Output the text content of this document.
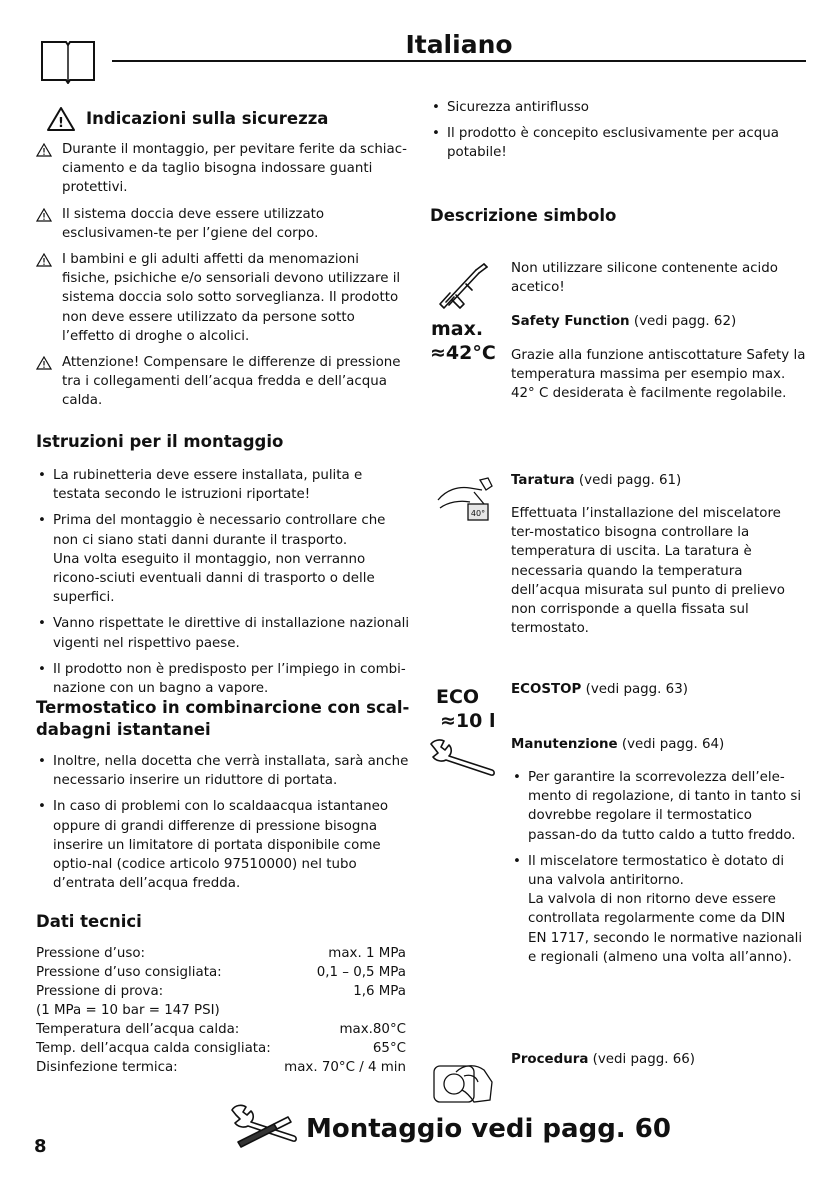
Italiano
! Indicazioni sulla sicurezza
Durante il montaggio, per pevitare ferite da schiac-ciamento e da taglio bisogna indossare guanti protettivi.
Il sistema doccia deve essere utilizzato esclusivamen-te per l’giene del corpo.
I bambini e gli adulti affetti da menomazioni fisiche, psichiche e/o sensoriali devono utilizzare il sistema doccia solo sotto sorveglianza. Il prodotto non deve essere utilizzato da persone sotto l’effetto di droghe o alcolici.
Attenzione! Compensare le differenze di pressione tra i collegamenti dell’acqua fredda e dell’acqua calda.
Istruzioni per il montaggio
• La rubinetteria deve essere installata, pulita e testata secondo le istruzioni riportate!
• Prima del montaggio è necessario controllare che non ci siano stati danni durante il trasporto.
Una volta eseguito il montaggio, non verranno ricono-sciuti eventuali danni di trasporto o delle superfici.
• Vanno rispettate le direttive di installazione nazionali vigenti nel rispettivo paese.
• Il prodotto non è predisposto per l’impiego in combi-nazione con un bagno a vapore.
Termostatico in combinarcione con scal-dabagni istantanei
• Inoltre, nella docetta che verrà installata, sarà anche necessario inserire un riduttore di portata.
• In caso di problemi con lo scaldaacqua istantaneo oppure di grandi differenze di pressione bisogna inserire un limitatore di portata disponibile come optio-nal (codice articolo 97510000) nel tubo d’entrata dell’acqua fredda.
Dati tecnici
Pressione d’uso:	max. 1 MPa
Pressione d’uso consigliata:	0,1 – 0,5 MPa
Pressione di prova:	1,6 MPa
(1 MPa = 10 bar = 147 PSI)	
Temperatura dell’acqua calda:	max.80°C
Temp. dell’acqua calda consigliata:	65°C
Disinfezione termica:	max. 70°C / 4 min
• Sicurezza antiriflusso
• Il prodotto è concepito esclusivamente per acqua potabile!
Descrizione simbolo
Non utilizzare silicone contenente acido acetico!
max.
≈42°C
Safety Function (vedi pagg. 62)
Grazie alla funzione antiscottature Safety la temperatura massima per esempio max. 42° C desiderata è facilmente regolabile.
40°
Taratura (vedi pagg. 61)
Effettuata l’installazione del miscelatore ter-mostatico bisogna controllare la temperatura di uscita. La taratura è necessaria quando la temperatura dell’acqua misurata sul punto di prelievo non corrisponde a quella fissata sul termostato.
ECO
≈10 l
ECOSTOP (vedi pagg. 63)
Manutenzione (vedi pagg. 64)
• Per garantire la scorrevolezza dell’ele-mento di regolazione, di tanto in tanto si dovrebbe regolare il termostatico passan-do da tutto caldo a tutto freddo.
• Il miscelatore termostatico è dotato di una valvola antiritorno.
La valvola di non ritorno deve essere controllata regolarmente come da DIN EN 1717, secondo le normative nazionali e regionali (almeno una volta all’anno).
Procedura (vedi pagg. 66)
8
Montaggio vedi pagg. 60
